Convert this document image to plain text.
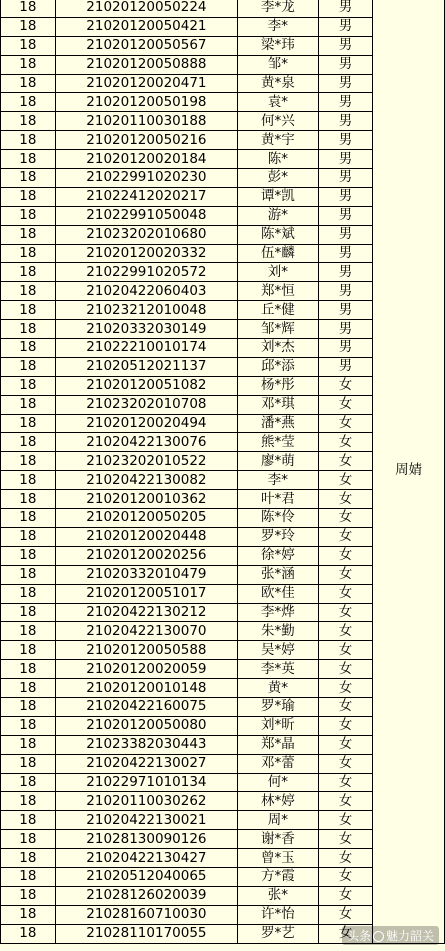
18	21020120050224	李*龙	男	周婧
18	21020120050421	李*	男	
18	21020120050567	梁*玮	男	
18	21020120050888	邹*	男	
18	21020120020471	黄*泉	男	
18	21020120050198	袁*	男	
18	21020110030188	何*兴	男	
18	21020120050216	黄*宇	男	
18	21020120020184	陈*	男	
18	21022991020230	彭*	男	
18	21022412020217	谭*凯	男	
18	21022991050048	游*	男	
18	21023202010680	陈*斌	男	
18	21020120020332	伍*麟	男	
18	21022991020572	刘*	男	
18	21020422060403	郑*恒	男	
18	21023212010048	丘*健	男	
18	21020332030149	邹*辉	男	
18	21022210010174	刘*杰	男	
18	21020512021137	邱*添	男	
18	21020120051082	杨*彤	女	
18	21023202010708	邓*琪	女	
18	21020120020494	潘*燕	女	
18	21020422130076	熊*莹	女	
18	21023202010522	廖*萌	女	
18	21020422130082	李*	女	
18	21020120010362	叶*君	女	
18	21020120050205	陈*伶	女	
18	21020120020448	罗*玲	女	
18	21020120020256	徐*婷	女	
18	21020332010479	张*涵	女	
18	21020120051017	欧*佳	女	
18	21020422130212	李*烨	女	
18	21020422130070	朱*勤	女	
18	21020120050588	吴*婷	女	
18	21020120020059	李*英	女	
18	21020120010148	黄*	女	
18	21020422160075	罗*瑜	女	
18	21020120050080	刘*昕	女	
18	21023382030443	郑*晶	女	
18	21020422130027	邓*蕾	女	
18	21022971010134	何*	女	
18	21020110030262	林*婷	女	
18	21020422130021	周*	女	
18	21028130090126	谢*香	女	
18	21020422130427	曾*玉	女	
18	21020512040065	方*霞	女	
18	21028126020039	张*	女	
18	21028160710030	许*怡	女	
18	21028110170055	罗*艺	女	
头条 魅力韶关
